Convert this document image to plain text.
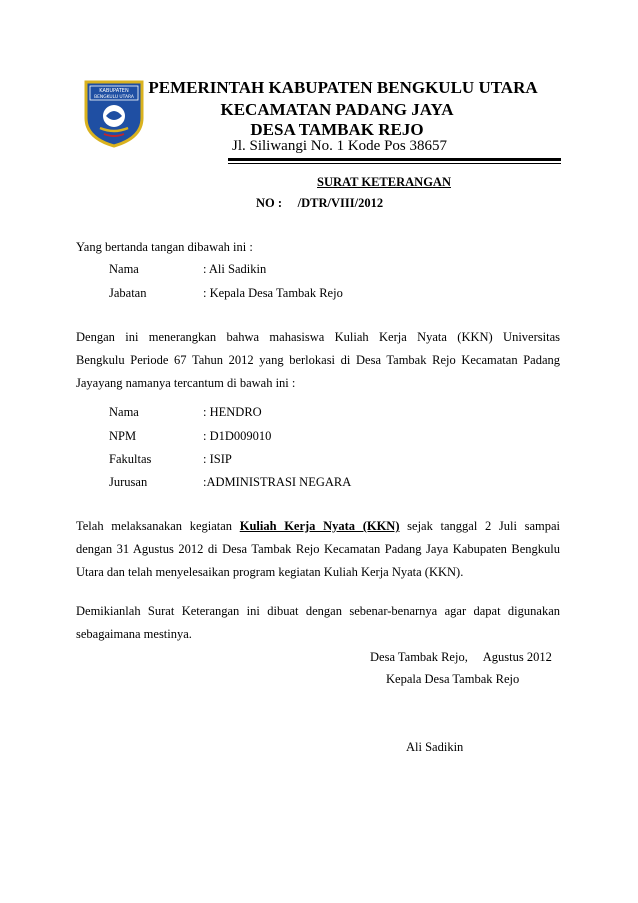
KABUPATEN
BENGKULU UTARA
PEMERINTAH KABUPATEN BENGKULU UTARA
KECAMATAN PADANG JAYA
DESA TAMBAK REJO
Jl. Siliwangi No. 1 Kode Pos 38657
SURAT KETERANGAN
NO :     /DTR/VIII/2012
Yang bertanda tangan dibawah ini :
Nama	: Ali Sadikin
Jabatan	: Kepala Desa Tambak Rejo
Dengan ini menerangkan bahwa mahasiswa Kuliah Kerja Nyata (KKN) Universitas
Bengkulu Periode 67 Tahun 2012 yang berlokasi di Desa Tambak Rejo Kecamatan Padang
Jayayang namanya tercantum di bawah ini :
Nama	: HENDRO
NPM	: D1D009010
Fakultas	: ISIP
Jurusan	:ADMINISTRASI NEGARA
Telah melaksanakan kegiatan Kuliah Kerja Nyata (KKN) sejak tanggal 2 Juli sampai
dengan 31 Agustus 2012 di Desa Tambak Rejo Kecamatan Padang Jaya Kabupaten Bengkulu
Utara dan telah menyelesaikan program kegiatan Kuliah Kerja Nyata (KKN).
Demikianlah Surat Keterangan ini dibuat dengan sebenar-benarnya agar dapat digunakan
sebagaimana mestinya.
Desa Tambak Rejo,     Agustus 2012
Kepala Desa Tambak Rejo
Ali Sadikin
